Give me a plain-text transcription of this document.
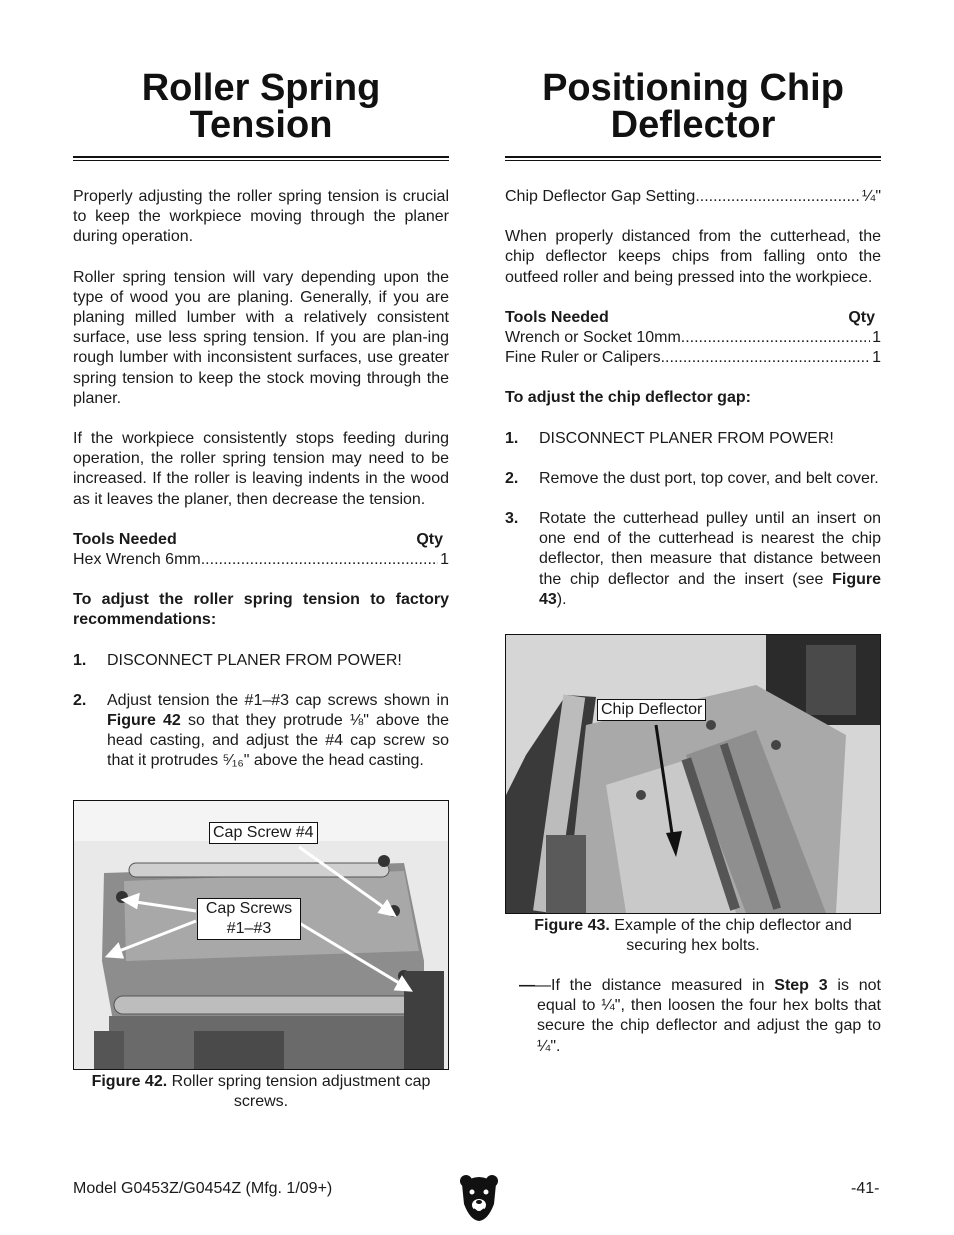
Roller Spring
Tension

Properly adjusting the roller spring tension is crucial to keep the workpiece moving through the planer during operation.

Roller spring tension will vary depending upon the type of wood you are planing. Generally, if you are planing milled lumber with a relatively consistent surface, use less spring tension. If you are plan-ing rough lumber with inconsistent surfaces, use greater spring tension to keep the stock moving through the planer.

If the workpiece consistently stops feeding during operation, the roller spring tension may need to be increased. If the roller is leaving indents in the wood as it leaves the planer, then decrease the tension.

Tools Needed	Qty
Hex Wrench 6mm .....	1

To adjust the roller spring tension to factory recommendations:

1.	DISCONNECT PLANER FROM POWER!
2.	Adjust tension the #1–#3 cap screws shown in Figure 42 so that they protrude ⅛" above the head casting, and adjust the #4 cap screw so that it protrudes ⁵⁄₁₆" above the head casting.
Cap Screw #4
Cap Screws
#1–#3
Figure 42. Roller spring tension adjustment cap screws.
Positioning Chip
Deflector
Chip Deflector Gap Setting .....	¼"

When properly distanced from the cutterhead, the chip deflector keeps chips from falling onto the outfeed roller and being pressed into the workpiece.

Tools Needed	Qty
Wrench or Socket 10mm .....	1
Fine Ruler or Calipers .....	1

To adjust the chip deflector gap:

1.	DISCONNECT PLANER FROM POWER!
2.	Remove the dust port, top cover, and belt cover.
3.	Rotate the cutterhead pulley until an insert on one end of the cutterhead is nearest the chip deflector, then measure that distance between the chip deflector and the insert (see Figure 43).
Chip Deflector
Figure 43. Example of the chip deflector and securing hex bolts.

——If the distance measured in Step 3 is not equal to ¼", then loosen the four hex bolts that secure the chip deflector and adjust the gap to ¼".

Model G0453Z/G0454Z (Mfg. 1/09+)	-41-
